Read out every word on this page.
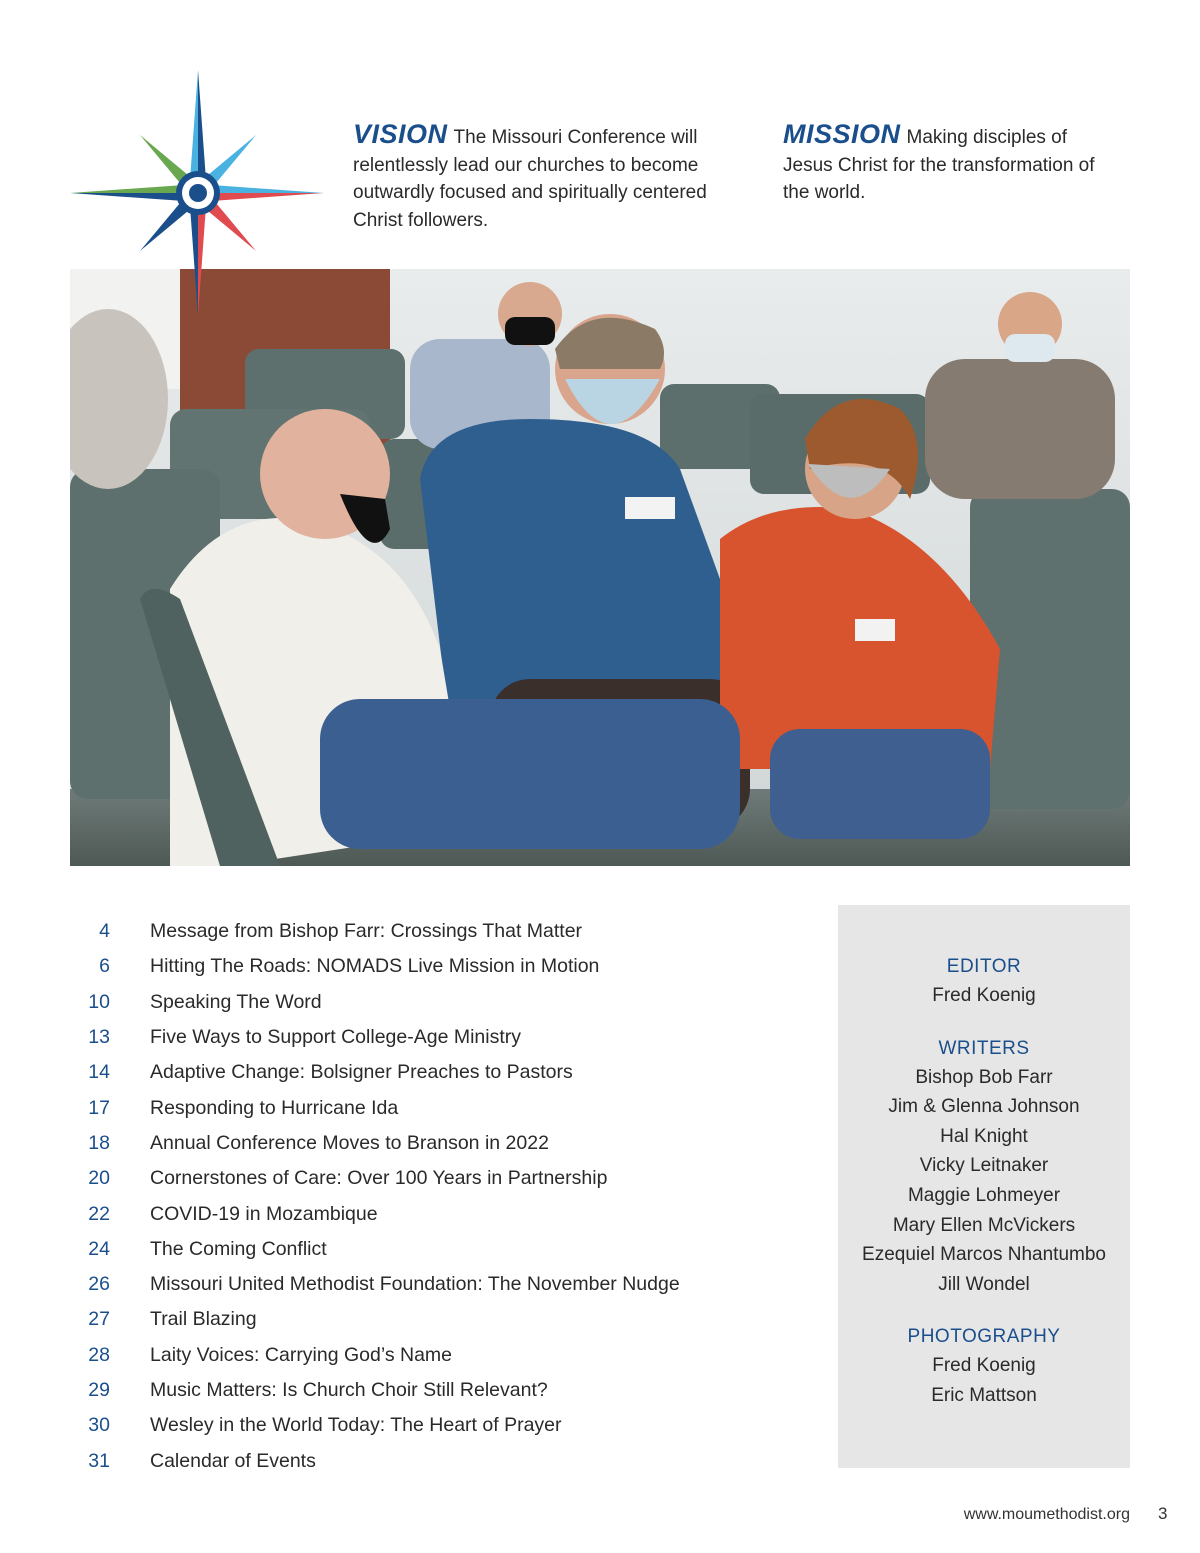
VISION The Missouri Conference will relentlessly lead our churches to become outwardly focused and spiritually centered Christ followers.
MISSION Making disciples of Jesus Christ for the transformation of the world.
4 Message from Bishop Farr: Crossings That Matter
6 Hitting The Roads: NOMADS Live Mission in Motion
10 Speaking The Word
13 Five Ways to Support College-Age Ministry
14 Adaptive Change: Bolsigner Preaches to Pastors
17 Responding to Hurricane Ida
18 Annual Conference Moves to Branson in 2022
20 Cornerstones of Care: Over 100 Years in Partnership
22 COVID-19 in Mozambique
24 The Coming Conflict
26 Missouri United Methodist Foundation: The November Nudge
27 Trail Blazing
28 Laity Voices: Carrying God’s Name
29 Music Matters: Is Church Choir Still Relevant?
30 Wesley in the World Today: The Heart of Prayer
31 Calendar of Events
EDITOR
Fred Koenig
WRITERS
Bishop Bob Farr
Jim & Glenna Johnson
Hal Knight
Vicky Leitnaker
Maggie Lohmeyer
Mary Ellen McVickers
Ezequiel Marcos Nhantumbo
Jill Wondel
PHOTOGRAPHY
Fred Koenig
Eric Mattson
www.moumethodist.org 3
